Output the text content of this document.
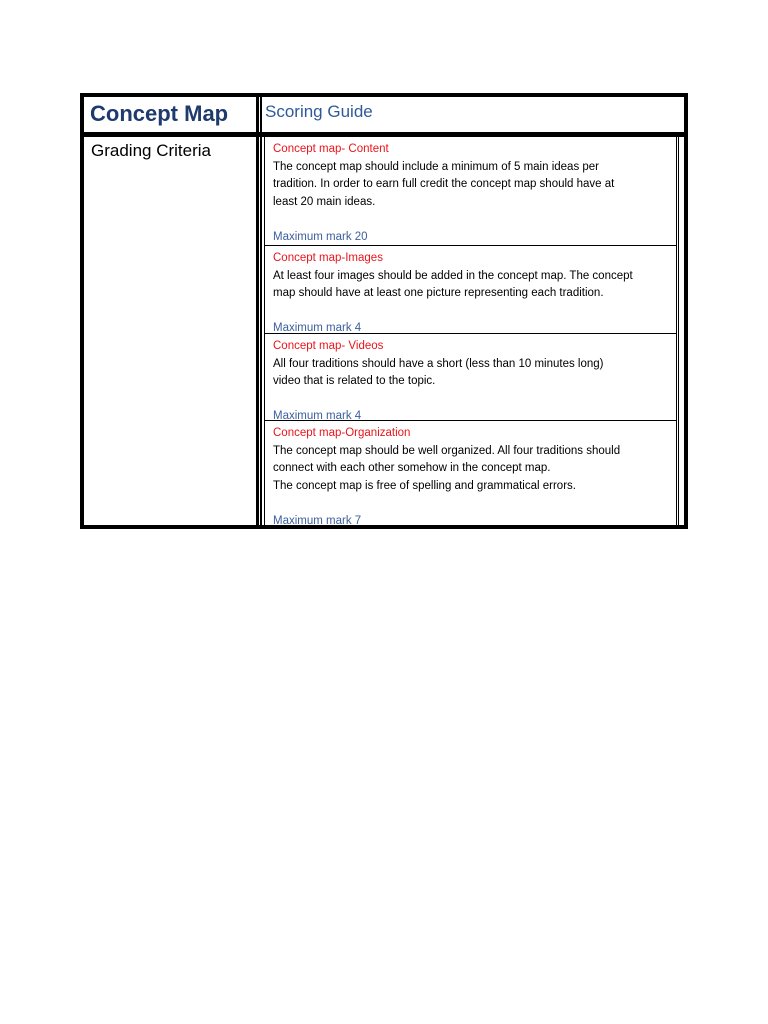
Concept Map Scoring Guide
Grading Criteria	Concept map- Content

The concept map should include a minimum of 5 main ideas per

tradition. In order to earn full credit the concept map should have at

least 20 main ideas.

Maximum mark 20
Concept map-Images

At least four images should be added in the concept map. The concept

map should have at least one picture representing each tradition.

Maximum mark 4
Concept map- Videos

All four traditions should have a short (less than 10 minutes long)

video that is related to the topic.

Maximum mark 4
Concept map-Organization

The concept map should be well organized. All four traditions should

connect with each other somehow in the concept map.

The concept map is free of spelling and grammatical errors.

Maximum mark 7
